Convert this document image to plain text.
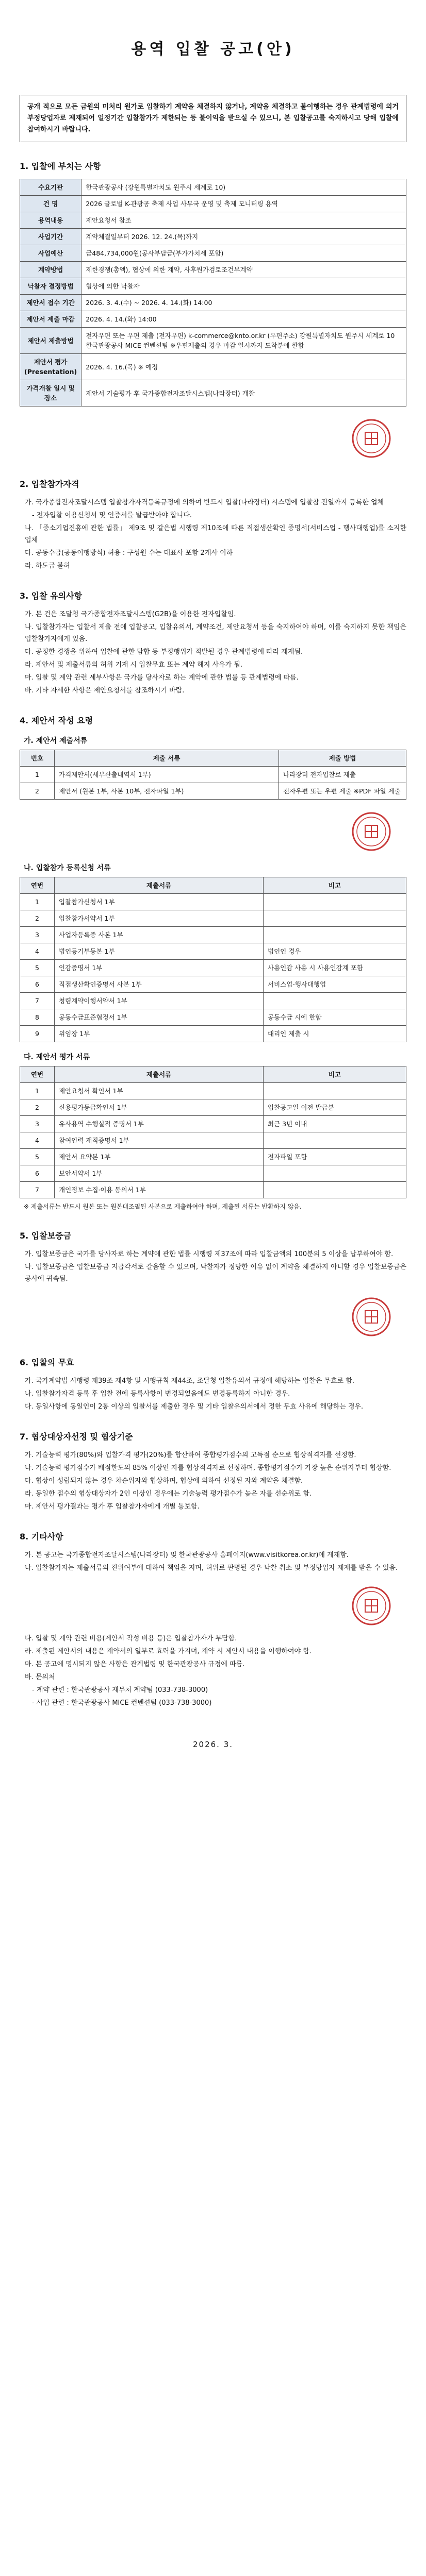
용역 입찰 공고(안)
공개 적으로 모든 금원의 미처리 원가로 입찰하기 계약을 체결하지 않거나, 계약을 체결하고 불이행하는 경우 관계법령에 의거 부정당업자로 제재되어 일정기간 입찰참가가 제한되는 등 불이익을 받으실 수 있으니, 본 입찰공고를 숙지하시고 당해 입찰에 참여하시기 바랍니다.
1. 입찰에 부치는 사항
수요기관	한국관광공사 (강원특별자치도 원주시 세계로 10)
건 명	2026 글로벌 K-관광공 축제 사업 사무국 운영 및 축제 모니터링 용역
용역내용	제안요청서 참조
사업기간	계약체결일부터 2026. 12. 24.(목)까지
사업예산	금484,734,000원(공사부담금(부가가치세 포함)
계약방법	제한경쟁(총액), 협상에 의한 계약, 사후원가검토조건부계약
낙찰자 결정방법	협상에 의한 낙찰자
제안서 접수 기간	2026. 3. 4.(수) ~ 2026. 4. 14.(화) 14:00
제안서 제출 마감	2026. 4. 14.(화) 14:00
제안서 제출방법	전자우편 또는 우편 제출 (전자우편) k-commerce@knto.or.kr (우편주소) 강원특별자치도 원주시 세계로 10 한국관광공사 MICE 컨벤션팀 ※우편제출의 경우 마감 일시까지 도착분에 한함
제안서 평가 (Presentation)	2026. 4. 16.(목) ※ 예정
가격개찰 일시 및 장소	제안서 기술평가 후 국가종합전자조달시스템(나라장터) 개찰
2. 입찰참가자격
가. 국가종합전자조달시스템 입찰참가자격등록규정에 의하여 반드시 입찰(나라장터) 시스템에 입찰참 전일까지 등록한 업체
- 전자입찰 이용신청서 및 인증서를 발급받아야 합니다.
나. 「중소기업진흥에 관한 법률」 제9조 및 같은법 시행령 제10조에 따른 직접생산확인 증명서(서비스업 - 행사대행업)를 소지한 업체
다. 공동수급(공동이행방식) 허용 : 구성원 수는 대표사 포함 2개사 이하
라. 하도급 불허
3. 입찰 유의사항
가. 본 건은 조달청 국가종합전자조달시스템(G2B)을 이용한 전자입찰임.
나. 입찰참가자는 입찰서 제출 전에 입찰공고, 입찰유의서, 계약조건, 제안요청서 등을 숙지하여야 하며, 이를 숙지하지 못한 책임은 입찰참가자에게 있음.
다. 공정한 경쟁을 위하여 입찰에 관한 담합 등 부정행위가 적발될 경우 관계법령에 따라 제재됨.
라. 제안서 및 제출서류의 허위 기재 시 입찰무효 또는 계약 해지 사유가 됨.
마. 입찰 및 계약 관련 세부사항은 국가를 당사자로 하는 계약에 관한 법률 등 관계법령에 따름.
바. 기타 자세한 사항은 제안요청서를 참조하시기 바람.
4. 제안서 작성 요령
가. 제안서 제출서류
번호	제출 서류	제출 방법
1	가격제안서(세부산출내역서 1부)	나라장터 전자입찰로 제출
2	제안서 (원본 1부, 사본 10부, 전자파일 1부)	전자우편 또는 우편 제출 ※PDF 파일 제출
나. 입찰참가 등록신청 서류
연번	제출서류	비고
1	입찰참가신청서 1부	
2	입찰참가서약서 1부	
3	사업자등록증 사본 1부	
4	법인등기부등본 1부	법인인 경우
5	인감증명서 1부	사용인감 사용 시 사용인감계 포함
6	직접생산확인증명서 사본 1부	서비스업-행사대행업
7	청렴계약이행서약서 1부	
8	공동수급표준협정서 1부	공동수급 시에 한함
9	위임장 1부	대리인 제출 시
다. 제안서 평가 서류
연번	제출서류	비고
1	제안요청서 확인서 1부	
2	신용평가등급확인서 1부	입찰공고일 이전 발급분
3	유사용역 수행실적 증명서 1부	최근 3년 이내
4	참여인력 재직증명서 1부	
5	제안서 요약본 1부	전자파일 포함
6	보안서약서 1부	
7	개인정보 수집·이용 동의서 1부	
※ 제출서류는 반드시 원본 또는 원본대조필된 사본으로 제출하여야 하며, 제출된 서류는 반환하지 않음.
5. 입찰보증금
가. 입찰보증금은 국가를 당사자로 하는 계약에 관한 법률 시행령 제37조에 따라 입찰금액의 100분의 5 이상을 납부하여야 함.
나. 입찰보증금은 입찰보증금 지급각서로 갈음할 수 있으며, 낙찰자가 정당한 이유 없이 계약을 체결하지 아니할 경우 입찰보증금은 공사에 귀속됨.
6. 입찰의 무효
가. 국가계약법 시행령 제39조 제4항 및 시행규칙 제44조, 조달청 입찰유의서 규정에 해당하는 입찰은 무효로 함.
나. 입찰참가자격 등록 후 입찰 전에 등록사항이 변경되었음에도 변경등록하지 아니한 경우.
다. 동일사항에 동일인이 2통 이상의 입찰서를 제출한 경우 및 기타 입찰유의서에서 정한 무효 사유에 해당하는 경우.
7. 협상대상자선정 및 협상기준
가. 기술능력 평가(80%)와 입찰가격 평가(20%)를 합산하여 종합평가점수의 고득점 순으로 협상적격자를 선정함.
나. 기술능력 평가점수가 배점한도의 85% 이상인 자를 협상적격자로 선정하며, 종합평가점수가 가장 높은 순위자부터 협상함.
다. 협상이 성립되지 않는 경우 차순위자와 협상하며, 협상에 의하여 선정된 자와 계약을 체결함.
라. 동일한 점수의 협상대상자가 2인 이상인 경우에는 기술능력 평가점수가 높은 자를 선순위로 함.
마. 제안서 평가결과는 평가 후 입찰참가자에게 개별 통보함.
8. 기타사항
가. 본 공고는 국가종합전자조달시스템(나라장터) 및 한국관광공사 홈페이지(www.visitkorea.or.kr)에 게재함.
나. 입찰참가자는 제출서류의 진위여부에 대하여 책임을 지며, 허위로 판명될 경우 낙찰 취소 및 부정당업자 제재를 받을 수 있음.
다. 입찰 및 계약 관련 비용(제안서 작성 비용 등)은 입찰참가자가 부담함.
라. 제출된 제안서의 내용은 계약서의 일부로 효력을 가지며, 계약 시 제안서 내용을 이행하여야 함.
마. 본 공고에 명시되지 않은 사항은 관계법령 및 한국관광공사 규정에 따름.
바. 문의처
- 계약 관련 : 한국관광공사 재무처 계약팀 (033-738-3000)
- 사업 관련 : 한국관광공사 MICE 컨벤션팀 (033-738-3000)
2026. 3.
